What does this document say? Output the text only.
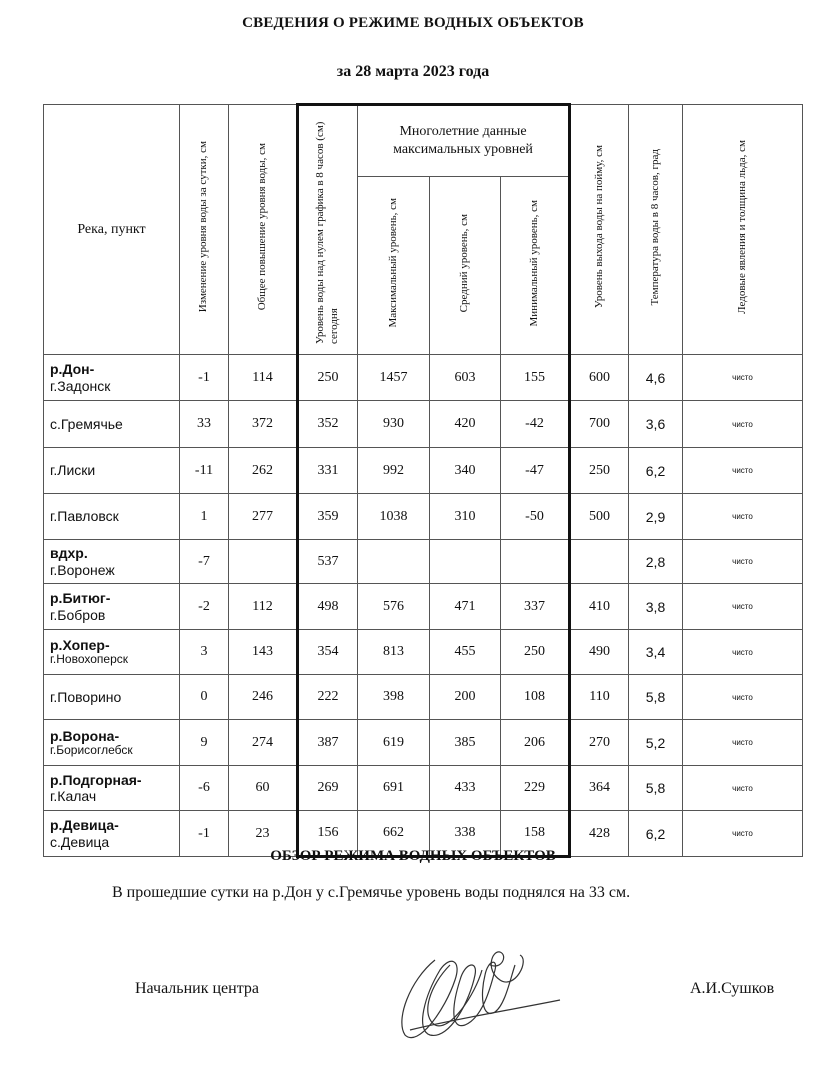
СВЕДЕНИЯ О РЕЖИМЕ ВОДНЫХ ОБЪЕКТОВ
за 28 марта 2023 года
Река, пункт	Изменение уровня воды за сутки, см	Общее повышение уровня воды, см	Уровень воды над нулем графика в 8 часов (см) сегодня	Многолетние данные максимальных уровней			Уровень выхода воды на пойму, см	Температура воды в 8 часов, град	Ледовые явления и толщина льда, см
				Максимальный уровень, см	Средний уровень, см	Минимальный уровень, см			

р.Дон-
г.Задонск	-1	114	250	1457	603	155	600	4,6	чисто

с.Гремячье	33	372	352	930	420	-42	700	3,6	чисто

г.Лиски	-11	262	331	992	340	-47	250	6,2	чисто

г.Павловск	1	277	359	1038	310	-50	500	2,9	чисто

вдхр.
г.Воронеж	-7		537					2,8	чисто

р.Битюг-
г.Бобров	-2	112	498	576	471	337	410	3,8	чисто

р.Хопер-
г.Новохоперск	3	143	354	813	455	250	490	3,4	чисто

г.Поворино	0	246	222	398	200	108	110	5,8	чисто

р.Ворона-
г.Борисоглебск	9	274	387	619	385	206	270	5,2	чисто

р.Подгорная-
г.Калач	-6	60	269	691	433	229	364	5,8	чисто

р.Девица-
с.Девица	-1	23	156	662	338	158	428	6,2	чисто
ОБЗОР РЕЖИМА ВОДНЫХ ОБЪЕКТОВ
В прошедшие сутки на р.Дон у с.Гремячье уровень воды поднялся на 33 см.
Начальник центра	А.И.Сушков
